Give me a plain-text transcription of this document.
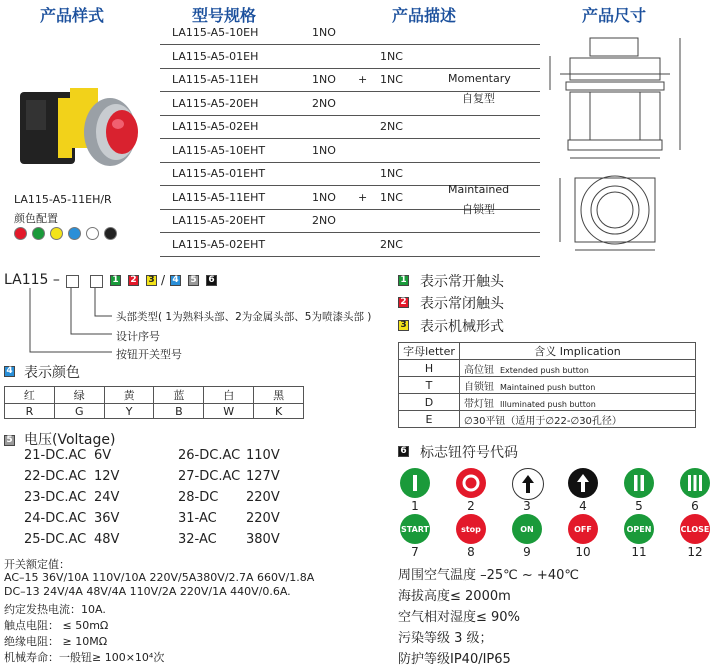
产品样式	型号规格	产品描述	产品尺寸
LA115-A5-10EH	1NO
LA115-A5-01EH	1NC
LA115-A5-11EH	1NO + 1NC
LA115-A5-20EH	2NO
LA115-A5-02EH	2NC
LA115-A5-10EHT	1NO
LA115-A5-01EHT	1NC
LA115-A5-11EHT	1NO + 1NC
LA115-A5-20EHT	2NO
LA115-A5-02EHT	2NC
Momentary
自复型
Maintained
自锁型
LA115-A5-11EH/R
颜色配置
LA115 –	1 2 3 / 4 5 6
头部类型( 1为熟料头部、2为金属头部、5为喷漆头部 )
设计序号
按钮开关型号
1 表示常开触头
2 表示常闭触头
3 表示机械形式
字母letter	含义 Implication
H	高位钮 Extended push button
T	自锁钮 Maintained push button
D	带灯钮 Illuminated push button
E	∅30平钮（适用于∅22-∅30孔径）
4 表示颜色
红	绿	黄	蓝	白	黑
R	G	Y	B	W	K
5 电压(Voltage)
21-DC.AC 6V	26-DC.AC 110V
22-DC.AC 12V	27-DC.AC 127V
23-DC.AC 24V	28-DC 220V
24-DC.AC 36V	31-AC 220V
25-DC.AC 48V	32-AC 380V
开关额定值：
AC–15 36V/10A 110V/10A 220V/5A380V/2.7A 660V/1.8A
DC–13 24V/4A 48V/4A 110V/2A 220V/1A 440V/0.6A.
约定发热电流：10A.
触点电阻： ≤ 50mΩ
绝缘电阻： ≥ 10MΩ
机械寿命：一般钮≥ 100×10⁴次
6 标志钮符号代码
1	2	3	4	5	6
START
7
stop
8
ON
9
OFF
10
OPEN
11
CLOSE
12
周围空气温度 –25℃ ~ +40℃
海拔高度≤ 2000m
空气相对湿度≤ 90%
污染等级 3 级；
防护等级IP40/IP65
